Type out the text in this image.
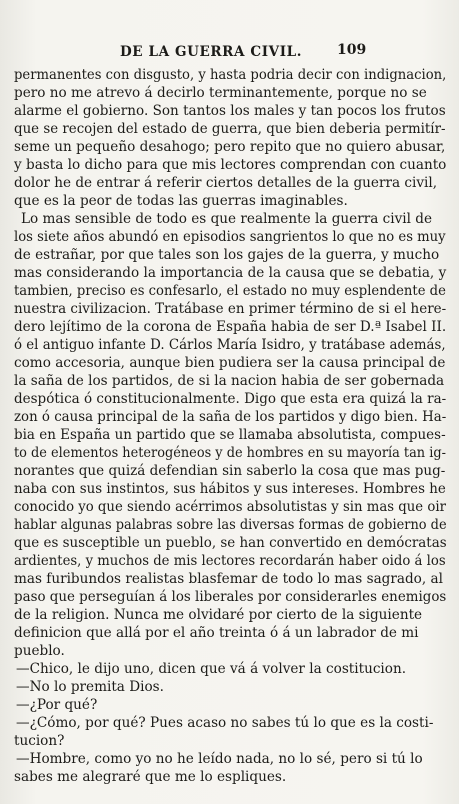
DE LA GUERRA CIVIL. 109
permanentes con disgusto, y hasta podria decir con indignacion,
pero no me atrevo á decirlo terminantemente, porque no se
alarme el gobierno. Son tantos los males y tan pocos los frutos
que se recojen del estado de guerra, que bien deberia permitír-
seme un pequeño desahogo; pero repito que no quiero abusar,
y basta lo dicho para que mis lectores comprendan con cuanto
dolor he de entrar á referir ciertos detalles de la guerra civil,
que es la peor de todas las guerras imaginables.
Lo mas sensible de todo es que realmente la guerra civil de
los siete años abundó en episodios sangrientos lo que no es muy
de estrañar, por que tales son los gajes de la guerra, y mucho
mas considerando la importancia de la causa que se debatia, y
tambien, preciso es confesarlo, el estado no muy esplendente de
nuestra civilizacion. Tratábase en primer término de si el here-
dero lejítimo de la corona de España habia de ser D.ª Isabel II.
ó el antiguo infante D. Cárlos María Isidro, y tratábase además,
como accesoria, aunque bien pudiera ser la causa principal de
la saña de los partidos, de si la nacion habia de ser gobernada
despótica ó constitucionalmente. Digo que esta era quizá la ra-
zon ó causa principal de la saña de los partidos y digo bien. Ha-
bia en España un partido que se llamaba absolutista, compues-
to de elementos heterogéneos y de hombres en su mayoría tan ig-
norantes que quizá defendian sin saberlo la cosa que mas pug-
naba con sus instintos, sus hábitos y sus intereses. Hombres he
conocido yo que siendo acérrimos absolutistas y sin mas que oir
hablar algunas palabras sobre las diversas formas de gobierno de
que es susceptible un pueblo, se han convertido en demócratas
ardientes, y muchos de mis lectores recordarán haber oido á los
mas furibundos realistas blasfemar de todo lo mas sagrado, al
paso que perseguían á los liberales por considerarles enemigos
de la religion. Nunca me olvidaré por cierto de la siguiente
definicion que allá por el año treinta ó á un labrador de mi
pueblo.
—Chico, le dijo uno, dicen que vá á volver la costitucion.
—No lo premita Dios.
—¿Por qué?
—¿Cómo, por qué? Pues acaso no sabes tú lo que es la costi-
tucion?
—Hombre, como yo no he leído nada, no lo sé, pero si tú lo
sabes me alegraré que me lo espliques.
